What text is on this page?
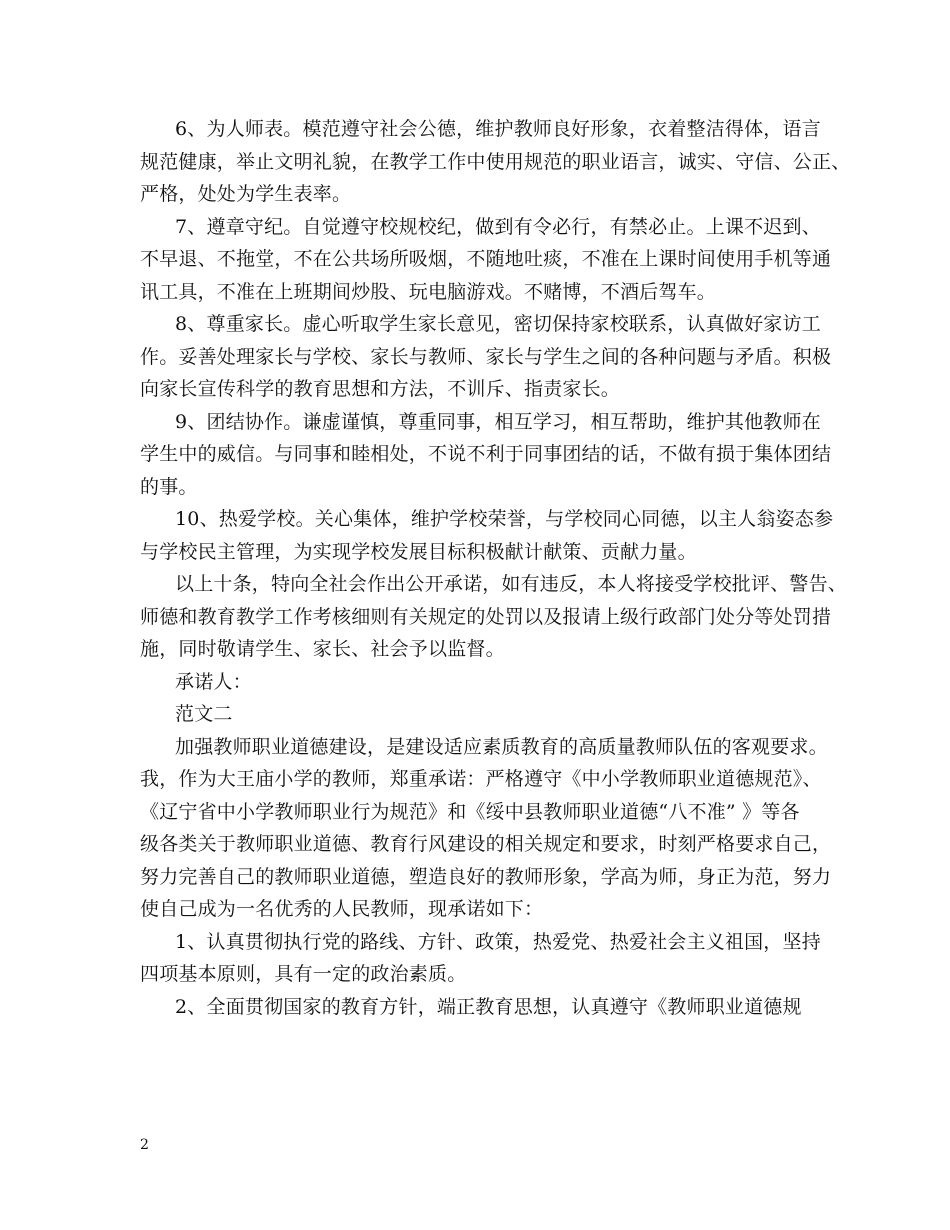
6、为人师表。模范遵守社会公德，维护教师良好形象，衣着整洁得体，语言
规范健康，举止文明礼貌，在教学工作中使用规范的职业语言，诚实、守信、公正、
严格，处处为学生表率。
7、遵章守纪。自觉遵守校规校纪，做到有令必行，有禁必止。上课不迟到、
不早退、不拖堂，不在公共场所吸烟，不随地吐痰，不准在上课时间使用手机等通
讯工具，不准在上班期间炒股、玩电脑游戏。不赌博，不酒后驾车。
8、尊重家长。虚心听取学生家长意见，密切保持家校联系，认真做好家访工
作。妥善处理家长与学校、家长与教师、家长与学生之间的各种问题与矛盾。积极
向家长宣传科学的教育思想和方法，不训斥、指责家长。
9、团结协作。谦虚谨慎，尊重同事，相互学习，相互帮助，维护其他教师在
学生中的威信。与同事和睦相处，不说不利于同事团结的话，不做有损于集体团结
的事。
10、热爱学校。关心集体，维护学校荣誉，与学校同心同德，以主人翁姿态参
与学校民主管理，为实现学校发展目标积极献计献策、贡献力量。
以上十条，特向全社会作出公开承诺，如有违反，本人将接受学校批评、警告、
师德和教育教学工作考核细则有关规定的处罚以及报请上级行政部门处分等处罚措
施，同时敬请学生、家长、社会予以监督。
承诺人：
范文二
加强教师职业道德建设，是建设适应素质教育的高质量教师队伍的客观要求。
我，作为大王庙小学的教师，郑重承诺：严格遵守《中小学教师职业道德规范》、
《辽宁省中小学教师职业行为规范》和《绥中县教师职业道德“八不准” 》等各
级各类关于教师职业道德、教育行风建设的相关规定和要求，时刻严格要求自己，
努力完善自己的教师职业道德，塑造良好的教师形象，学高为师，身正为范，努力
使自己成为一名优秀的人民教师，现承诺如下：
1、认真贯彻执行党的路线、方针、政策，热爱党、热爱社会主义祖国，坚持
四项基本原则，具有一定的政治素质。
2、全面贯彻国家的教育方针，端正教育思想，认真遵守《教师职业道德规
2
